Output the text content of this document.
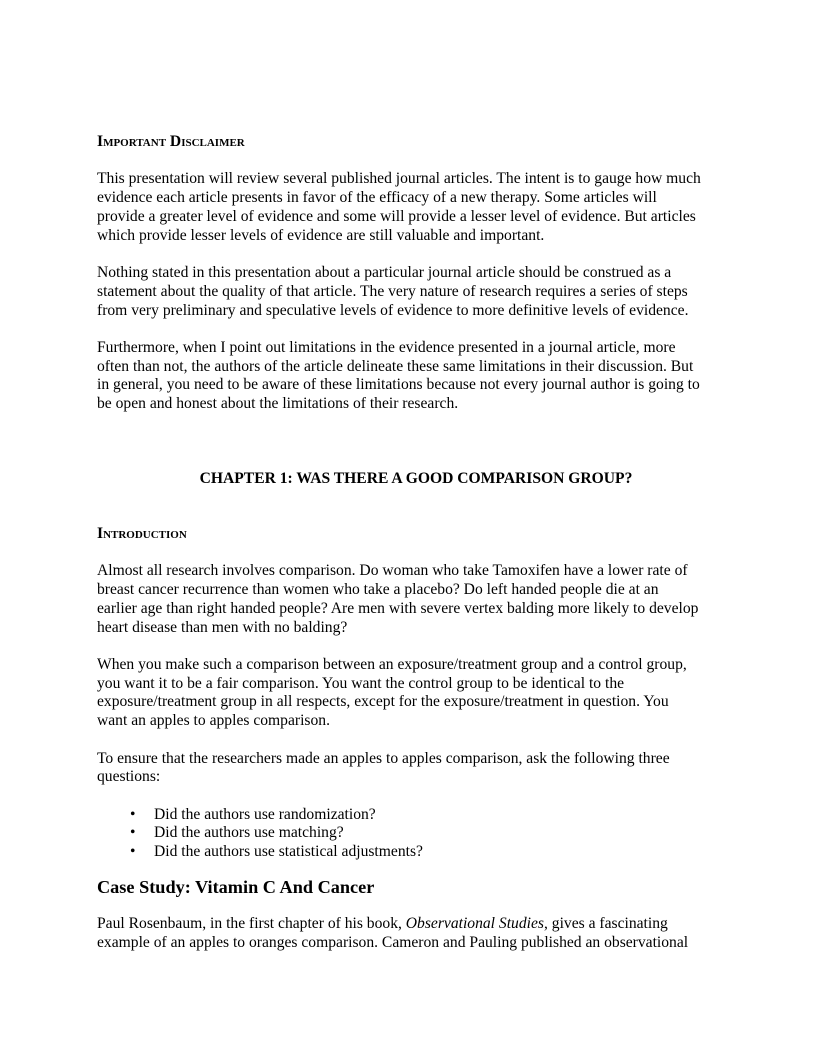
Important Disclaimer

This presentation will review several published journal articles. The intent is to gauge how much
evidence each article presents in favor of the efficacy of a new therapy. Some articles will
provide a greater level of evidence and some will provide a lesser level of evidence. But articles
which provide lesser levels of evidence are still valuable and important.

Nothing stated in this presentation about a particular journal article should be construed as a
statement about the quality of that article. The very nature of research requires a series of steps
from very preliminary and speculative levels of evidence to more definitive levels of evidence.

Furthermore, when I point out limitations in the evidence presented in a journal article, more
often than not, the authors of the article delineate these same limitations in their discussion. But
in general, you need to be aware of these limitations because not every journal author is going to
be open and honest about the limitations of their research.

CHAPTER 1: WAS THERE A GOOD COMPARISON GROUP?
Introduction

Almost all research involves comparison. Do woman who take Tamoxifen have a lower rate of
breast cancer recurrence than women who take a placebo? Do left handed people die at an
earlier age than right handed people? Are men with severe vertex balding more likely to develop
heart disease than men with no balding?

When you make such a comparison between an exposure/treatment group and a control group,
you want it to be a fair comparison. You want the control group to be identical to the
exposure/treatment group in all respects, except for the exposure/treatment in question. You
want an apples to apples comparison.

To ensure that the researchers made an apples to apples comparison, ask the following three
questions:

• Did the authors use randomization?
• Did the authors use matching?
• Did the authors use statistical adjustments?
Case Study: Vitamin C And Cancer

Paul Rosenbaum, in the first chapter of his book, Observational Studies, gives a fascinating
example of an apples to oranges comparison. Cameron and Pauling published an observational
